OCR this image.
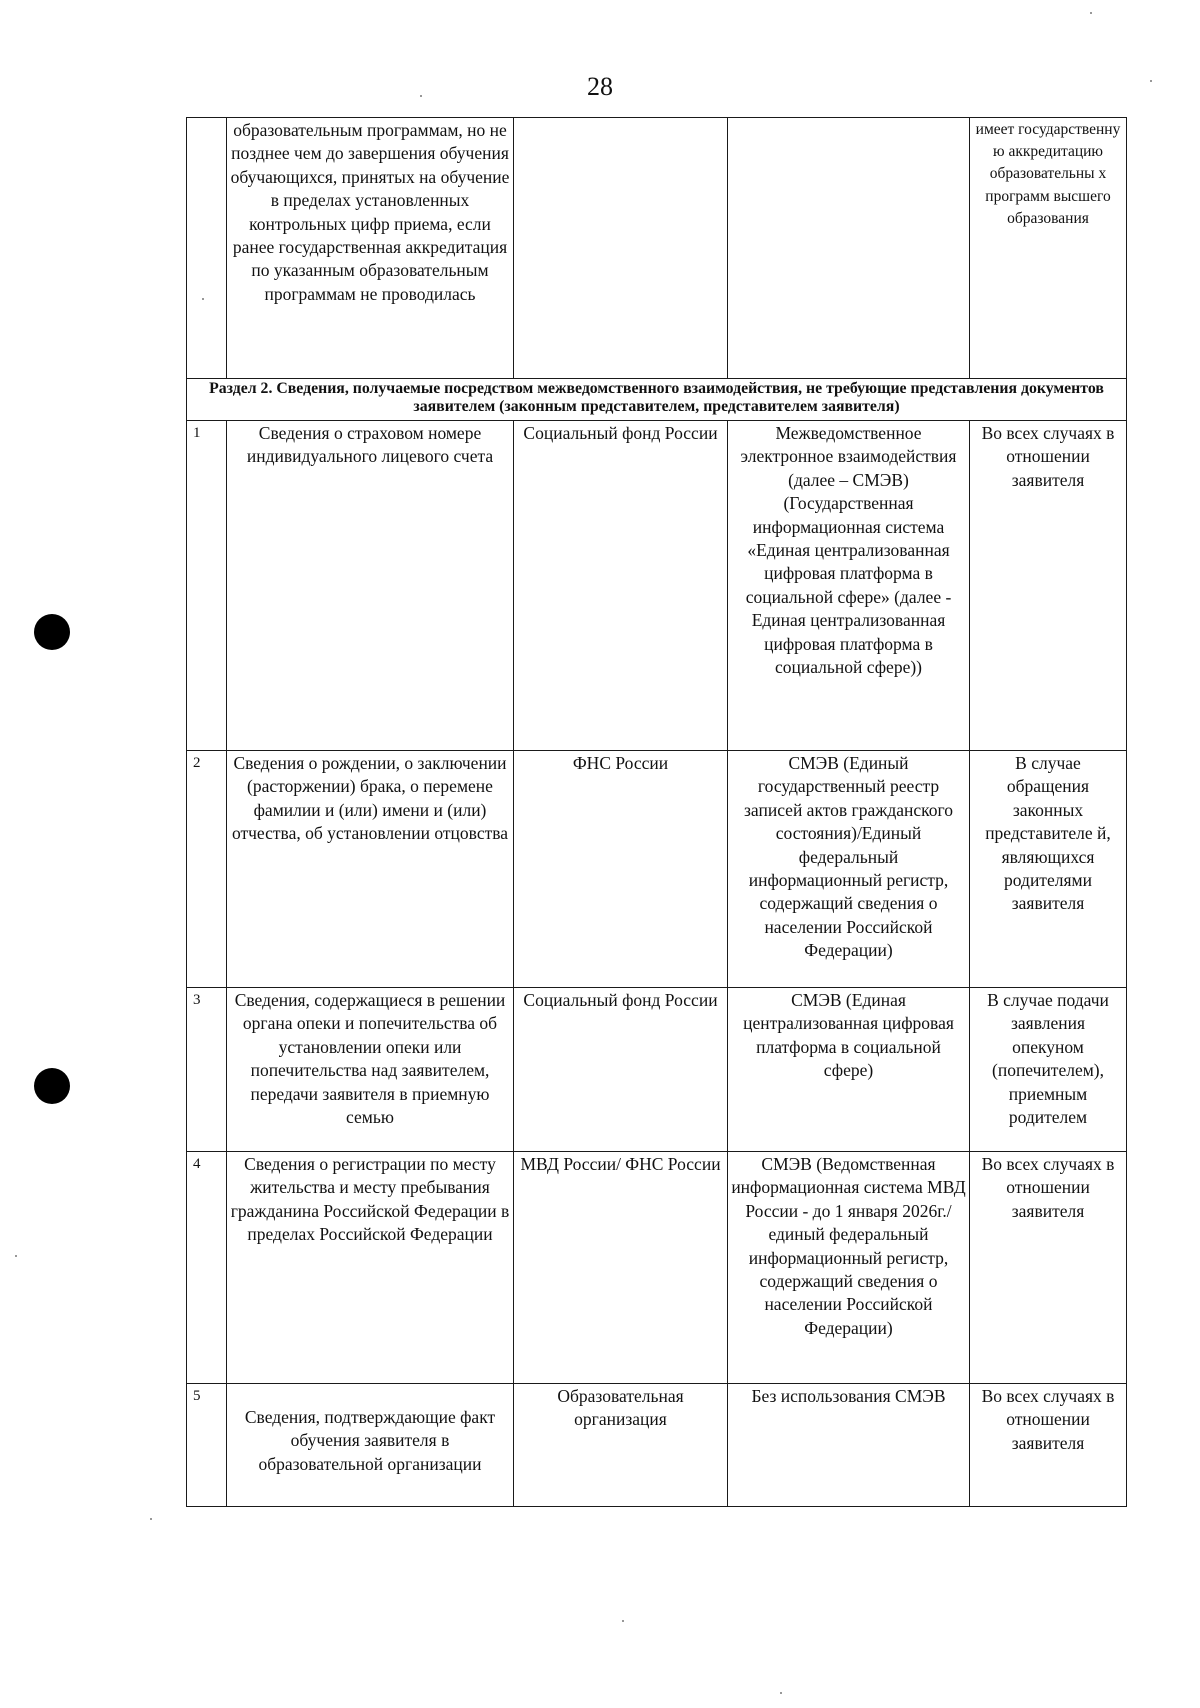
28
	образовательным программам, но не позднее чем до завершения обучения обучающихся, принятых на обучение в пределах установленных контрольных цифр приема, если ранее государственная аккредитация по указанным образовательным программам не проводилась			имеет государственну ю аккредитацию образовательны х программ высшего образования
Раздел 2. Сведения, получаемые посредством межведомственного взаимодействия, не требующие представления документов заявителем (законным представителем, представителем заявителя)				
1	Сведения о страховом номере индивидуального лицевого счета	Социальный фонд России	Межведомственное электронное взаимодействия (далее – СМЭВ) (Государственная информационная система «Единая централизованная цифровая платформа в социальной сфере» (далее - Единая централизованная цифровая платформа в социальной сфере))	Во всех случаях в отношении заявителя
2	Сведения о рождении, о заключении (расторжении) брака, о перемене фамилии и (или) имени и (или) отчества, об установлении отцовства	ФНС России	СМЭВ (Единый государственный реестр записей актов гражданского состояния)/Единый федеральный информационный регистр, содержащий сведения о населении Российской Федерации)	В случае обращения законных представителе й, являющихся родителями заявителя
3	Сведения, содержащиеся в решении органа опеки и попечительства об установлении опеки или попечительства над заявителем, передачи заявителя в приемную семью	Социальный фонд России	СМЭВ (Единая централизованная цифровая платформа в социальной сфере)	В случае подачи заявления опекуном (попечителем), приемным родителем
4	Сведения о регистрации по месту жительства и месту пребывания гражданина Российской Федерации в пределах Российской Федерации	МВД России/ ФНС России	СМЭВ (Ведомственная информационная система МВД России - до 1 января 2026г./единый федеральный информационный регистр, содержащий сведения о населении Российской Федерации)	Во всех случаях в отношении заявителя
5	Сведения, подтверждающие факт обучения заявителя в образовательной организации	Образовательная организация	Без использования СМЭВ	Во всех случаях в отношении заявителя
